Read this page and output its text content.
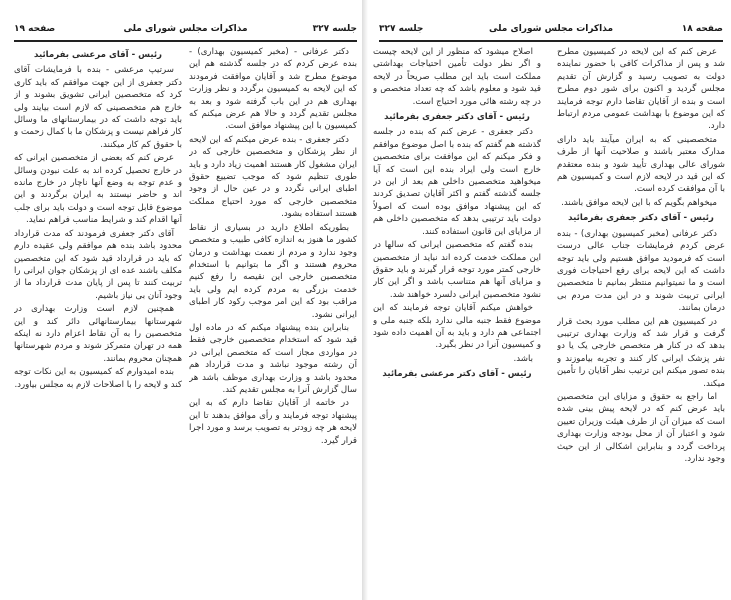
جلسه ۳۲۷
مذاکرات مجلس شورای ملی
صفحه ۱۹

دکتر عرفانی - (مخبر کمیسیون بهداری) - بنده عرض کردم که در جلسه گذشته هم این موضوع مطرح شد و آقایان موافقت فرمودند که این لایحه به کمیسیون برگردد و نظر وزارت بهداری هم در این باب گرفته شود و بعد به مجلس تقدیم گردد و حالا هم عرض میکنم که کمیسیون با این پیشنهاد موافق است.

دکتر جعفری - بنده عرض میکنم که این لایحه از نظر پزشکان و متخصصین خارجی که در ایران مشغول کار هستند اهمیت زیاد دارد و باید طوری تنظیم شود که موجب تضییع حقوق اطبای ایرانی نگردد و در عین حال از وجود متخصصین خارجی که مورد احتیاج مملکت هستند استفاده بشود.

بطوریکه اطلاع دارید در بسیاری از نقاط کشور ما هنوز به اندازه کافی طبیب و متخصص وجود ندارد و مردم از نعمت بهداشت و درمان محروم هستند و اگر ما بتوانیم با استخدام متخصصین خارجی این نقیصه را رفع کنیم خدمت بزرگی به مردم کرده ایم ولی باید مراقب بود که این امر موجب رکود کار اطبای ایرانی نشود.

بنابراین بنده پیشنهاد میکنم که در ماده اول قید شود که استخدام متخصصین خارجی فقط در مواردی مجاز است که متخصص ایرانی در آن رشته موجود نباشد و مدت قرارداد هم محدود باشد و وزارت بهداری موظف باشد هر سال گزارش آنرا به مجلس تقدیم کند.

در خاتمه از آقایان تقاضا دارم که به این پیشنهاد توجه فرمایند و رأی موافق بدهند تا این لایحه هر چه زودتر به تصویب برسد و مورد اجرا قرار گیرد.

رئیس - آقای مرعشی بفرمائید

سرتیپ مرعشی - بنده با فرمایشات آقای دکتر جعفری از این جهت موافقم که باید کاری کرد که متخصصین ایرانی تشویق بشوند و از خارج هم متخصصینی که لازم است بیایند ولی باید توجه داشت که در بیمارستانهای ما وسائل کار فراهم نیست و پزشکان ما با کمال زحمت و با حقوق کم کار میکنند.

عرض کنم که بعضی از متخصصین ایرانی که در خارج تحصیل کرده اند به علت نبودن وسائل و عدم توجه به وضع آنها ناچار در خارج مانده اند و حاضر نیستند به ایران برگردند و این موضوع قابل توجه است و دولت باید برای جلب آنها اقدام کند و شرایط مناسب فراهم نماید.

آقای دکتر جعفری فرمودند که مدت قرارداد محدود باشد بنده هم موافقم ولی عقیده دارم که باید در قرارداد قید شود که این متخصصین مکلف باشند عده ای از پزشکان جوان ایرانی را تربیت کنند تا پس از پایان مدت قرارداد ما از وجود آنان بی نیاز باشیم.

همچنین لازم است وزارت بهداری در شهرستانها بیمارستانهائی دائر کند و این متخصصین را به آن نقاط اعزام دارد نه اینکه همه در تهران متمرکز شوند و مردم شهرستانها همچنان محروم بمانند.

بنده امیدوارم که کمیسیون به این نکات توجه کند و لایحه را با اصلاحات لازم به مجلس بیاورد.

صفحه ۱۸
مذاکرات مجلس شورای ملی
جلسه ۳۲۷

عرض کنم که این لایحه در کمیسیون مطرح شد و پس از مذاکرات کافی با حضور نماینده دولت به تصویب رسید و گزارش آن تقدیم مجلس گردید و اکنون برای شور دوم مطرح است و بنده از آقایان تقاضا دارم توجه فرمایند که این موضوع با بهداشت عمومی مردم ارتباط دارد.

متخصصینی که به ایران میآیند باید دارای مدارک معتبر باشند و صلاحیت آنها از طرف شورای عالی بهداری تأیید شود و بنده معتقدم که این قید در لایحه لازم است و کمیسیون هم با آن موافقت کرده است.

میخواهم بگویم که با این لایحه موافق باشند.

رئیس - آقای دکتر جعفری بفرمائید

دکتر عرفانی (مخبر کمیسیون بهداری) - بنده عرض کردم فرمایشات جناب عالی درست است که فرمودید موافق هستیم ولی باید توجه داشت که این لایحه برای رفع احتیاجات فوری است و ما نمیتوانیم منتظر بمانیم تا متخصصین ایرانی تربیت شوند و در این مدت مردم بی درمان بمانند.

در کمیسیون هم این مطلب مورد بحث قرار گرفت و قرار شد که وزارت بهداری ترتیبی بدهد که در کنار هر متخصص خارجی یک یا دو نفر پزشک ایرانی کار کنند و تجربه بیاموزند و بنده تصور میکنم این ترتیب نظر آقایان را تأمین میکند.

اما راجع به حقوق و مزایای این متخصصین باید عرض کنم که در لایحه پیش بینی شده است که میزان آن از طرف هیئت وزیران تعیین شود و اعتبار آن از محل بودجه وزارت بهداری پرداخت گردد و بنابراین اشکالی از این حیث وجود ندارد.

اصلاح میشود که منظور از این لایحه چیست و اگر نظر دولت تأمین احتیاجات بهداشتی مملکت است باید این مطلب صریحاً در لایحه قید شود و معلوم باشد که چه تعداد متخصص و در چه رشته هائی مورد احتیاج است.

رئیس - آقای دکتر جعفری بفرمائید

دکتر جعفری - عرض کنم که بنده در جلسه گذشته هم گفتم که بنده با اصل موضوع موافقم و فکر میکنم که این موافقت برای متخصصین خارج است ولی ایراد بنده این است که آیا میخواهید متخصصین داخلی هم بعد از این در جلسه گذشته گفتم و اکثر آقایان تصدیق کردند که این پیشنهاد موافق بوده است که اصولاً دولت باید ترتیبی بدهد که متخصصین داخلی هم از مزایای این قانون استفاده کنند.

بنده گفتم که متخصصین ایرانی که سالها در این مملکت خدمت کرده اند نباید از متخصصین خارجی کمتر مورد توجه قرار گیرند و باید حقوق و مزایای آنها هم متناسب باشد و اگر این کار نشود متخصصین ایرانی دلسرد خواهند شد.

خواهش میکنم آقایان توجه فرمایند که این موضوع فقط جنبه مالی ندارد بلکه جنبه ملی و اجتماعی هم دارد و باید به آن اهمیت داده شود و کمیسیون آنرا در نظر بگیرد.

باشد.

رئیس - آقای دکتر مرعشی بفرمائید
